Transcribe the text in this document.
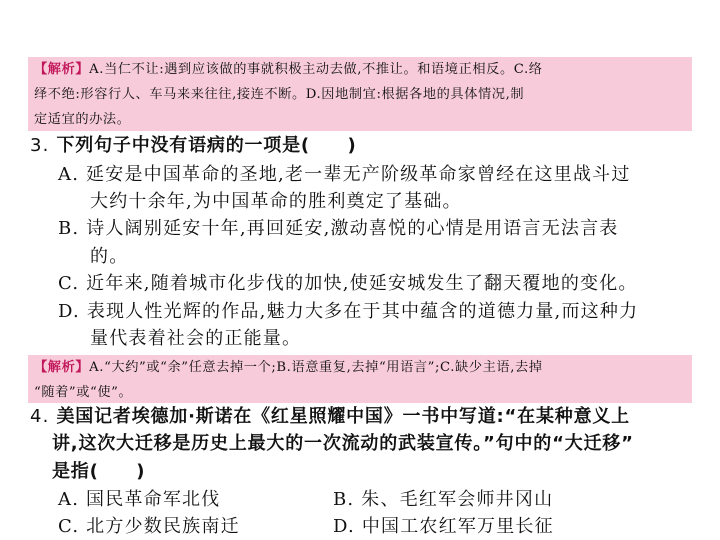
【解析】A.当仁不让:遇到应该做的事就积极主动去做,不推让。和语境正相反。C.络
绎不绝:形容行人、车马来来往往,接连不断。D.因地制宜:根据各地的具体情况,制
定适宜的办法。
3. 下列句子中没有语病的一项是(　　)
A. 延安是中国革命的圣地,老一辈无产阶级革命家曾经在这里战斗过
大约十余年,为中国革命的胜利奠定了基础。
B. 诗人阔别延安十年,再回延安,激动喜悦的心情是用语言无法言表
的。
C. 近年来,随着城市化步伐的加快,使延安城发生了翻天覆地的变化。
D. 表现人性光辉的作品,魅力大多在于其中蕴含的道德力量,而这种力
量代表着社会的正能量。
【解析】A.“大约”或“余”任意去掉一个;B.语意重复,去掉“用语言”;C.缺少主语,去掉
“随着”或“使”。
4. 美国记者埃德加·斯诺在《红星照耀中国》一书中写道:“在某种意义上
讲,这次大迁移是历史上最大的一次流动的武装宣传。”句中的“大迁移”
是指(　　)
A. 国民革命军北伐	B. 朱、毛红军会师井冈山
C. 北方少数民族南迁	D. 中国工农红军万里长征
